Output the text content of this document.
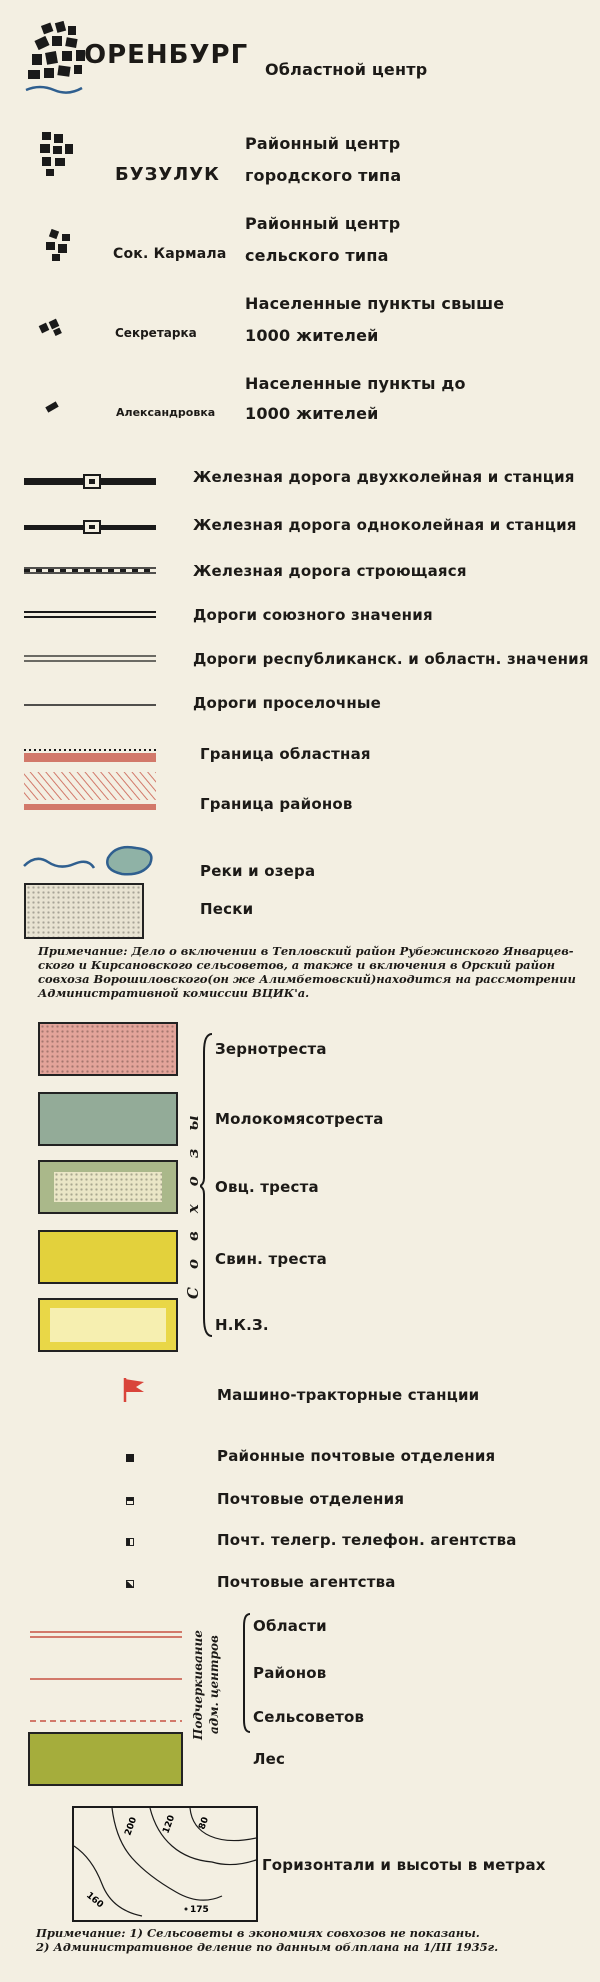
ОРЕНБУРГ Областной центр
БУЗУЛУК
Районный центр
городского типа
Сок. Кармала
Районный центр
сельского типа
Секретарка
Населенные пункты свыше
1000 жителей
Александровка
Населенные пункты до
1000 жителей
Железная дорога двухколейная и станция
Железная дорога одноколейная и станция
Железная дорога строющаяся
Дороги союзного значения
Дороги республиканск. и областн. значения
Дороги проселочные
Граница областная
Граница районов
Реки и озера
Пески
Примечание: Дело о включении в Тепловский район Рубежинского Январцев-
ского и Кирсановского сельсоветов, а также и включения в Орский район
совхоза Ворошиловского(он же Алимбетовский)находится на рассмотрении
Административной комиссии ВЦИК'а.
Совхозы
Зернотреста
Молокомясотреста
Овц. треста
Свин. треста
Н.К.З.
Машино-тракторные станции
Районные почтовые отделения
Почтовые отделения
Почт. телегр. телефон. агентства
Почтовые агентства
Подчеркивание адм. центров
Области
Районов
Сельсоветов
Лес
200 120 80
160	175
Горизонтали и высоты в метрах
Примечание: 1) Сельсоветы в экономиях совхозов не показаны.
2) Административное деление по данным облплана на 1/III 1935г.
